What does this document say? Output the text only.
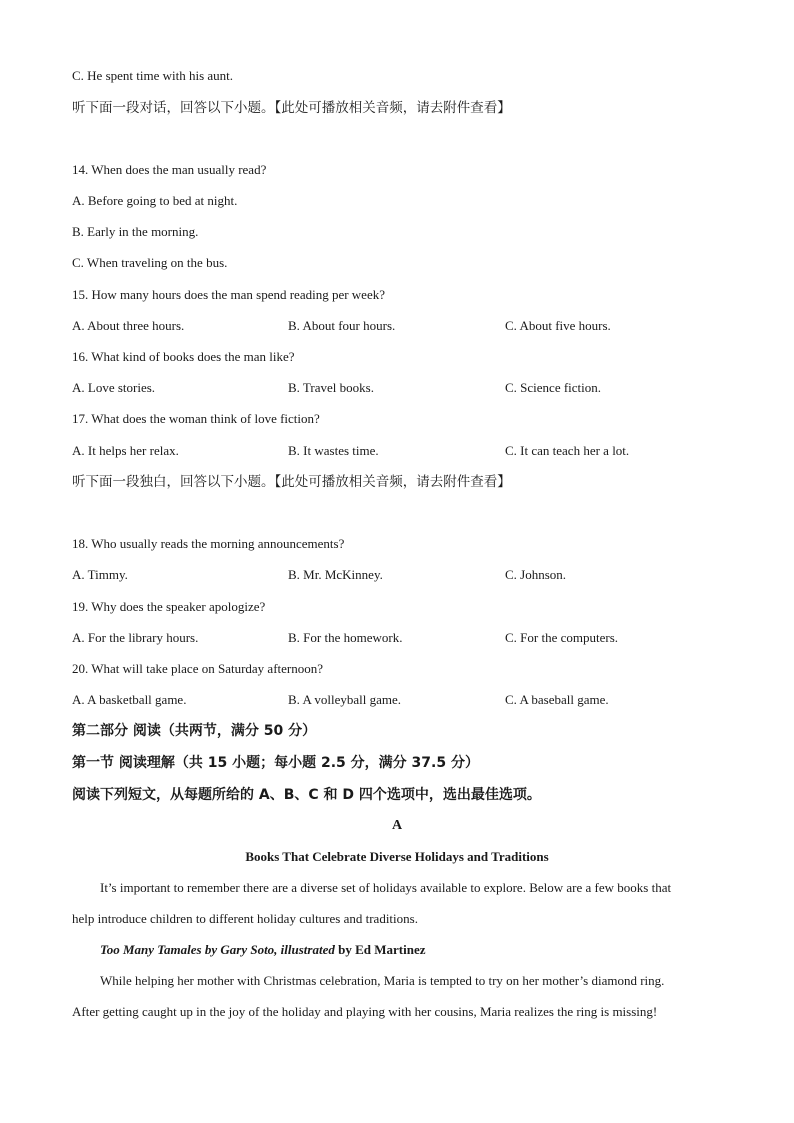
C. He spent time with his aunt.
听下面一段对话，回答以下小题。【此处可播放相关音频，请去附件查看】
14. When does the man usually read?
A. Before going to bed at night.
B. Early in the morning.
C. When traveling on the bus.
15. How many hours does the man spend reading per week?
A. About three hours.	B. About four hours.	C. About five hours.
16. What kind of books does the man like?
A. Love stories.	B. Travel books.	C. Science fiction.
17. What does the woman think of love fiction?
A. It helps her relax.	B. It wastes time.	C. It can teach her a lot.
听下面一段独白，回答以下小题。【此处可播放相关音频，请去附件查看】
18. Who usually reads the morning announcements?
A. Timmy.	B. Mr. McKinney.	C. Johnson.
19. Why does the speaker apologize?
A. For the library hours.	B. For the homework.	C. For the computers.
20. What will take place on Saturday afternoon?
A. A basketball game.	B. A volleyball game.	C. A baseball game.
第二部分 阅读（共两节，满分 50 分）
第一节 阅读理解（共 15 小题；每小题 2.5 分，满分 37.5 分）
阅读下列短文，从每题所给的 A、B、C 和 D 四个选项中，选出最佳选项。
A
Books That Celebrate Diverse Holidays and Traditions
It’s important to remember there are a diverse set of holidays available to explore. Below are a few books that
help introduce children to different holiday cultures and traditions.
Too Many Tamales by Gary Soto, illustrated by Ed Martinez
While helping her mother with Christmas celebration, Maria is tempted to try on her mother’s diamond ring.
After getting caught up in the joy of the holiday and playing with her cousins, Maria realizes the ring is missing!
